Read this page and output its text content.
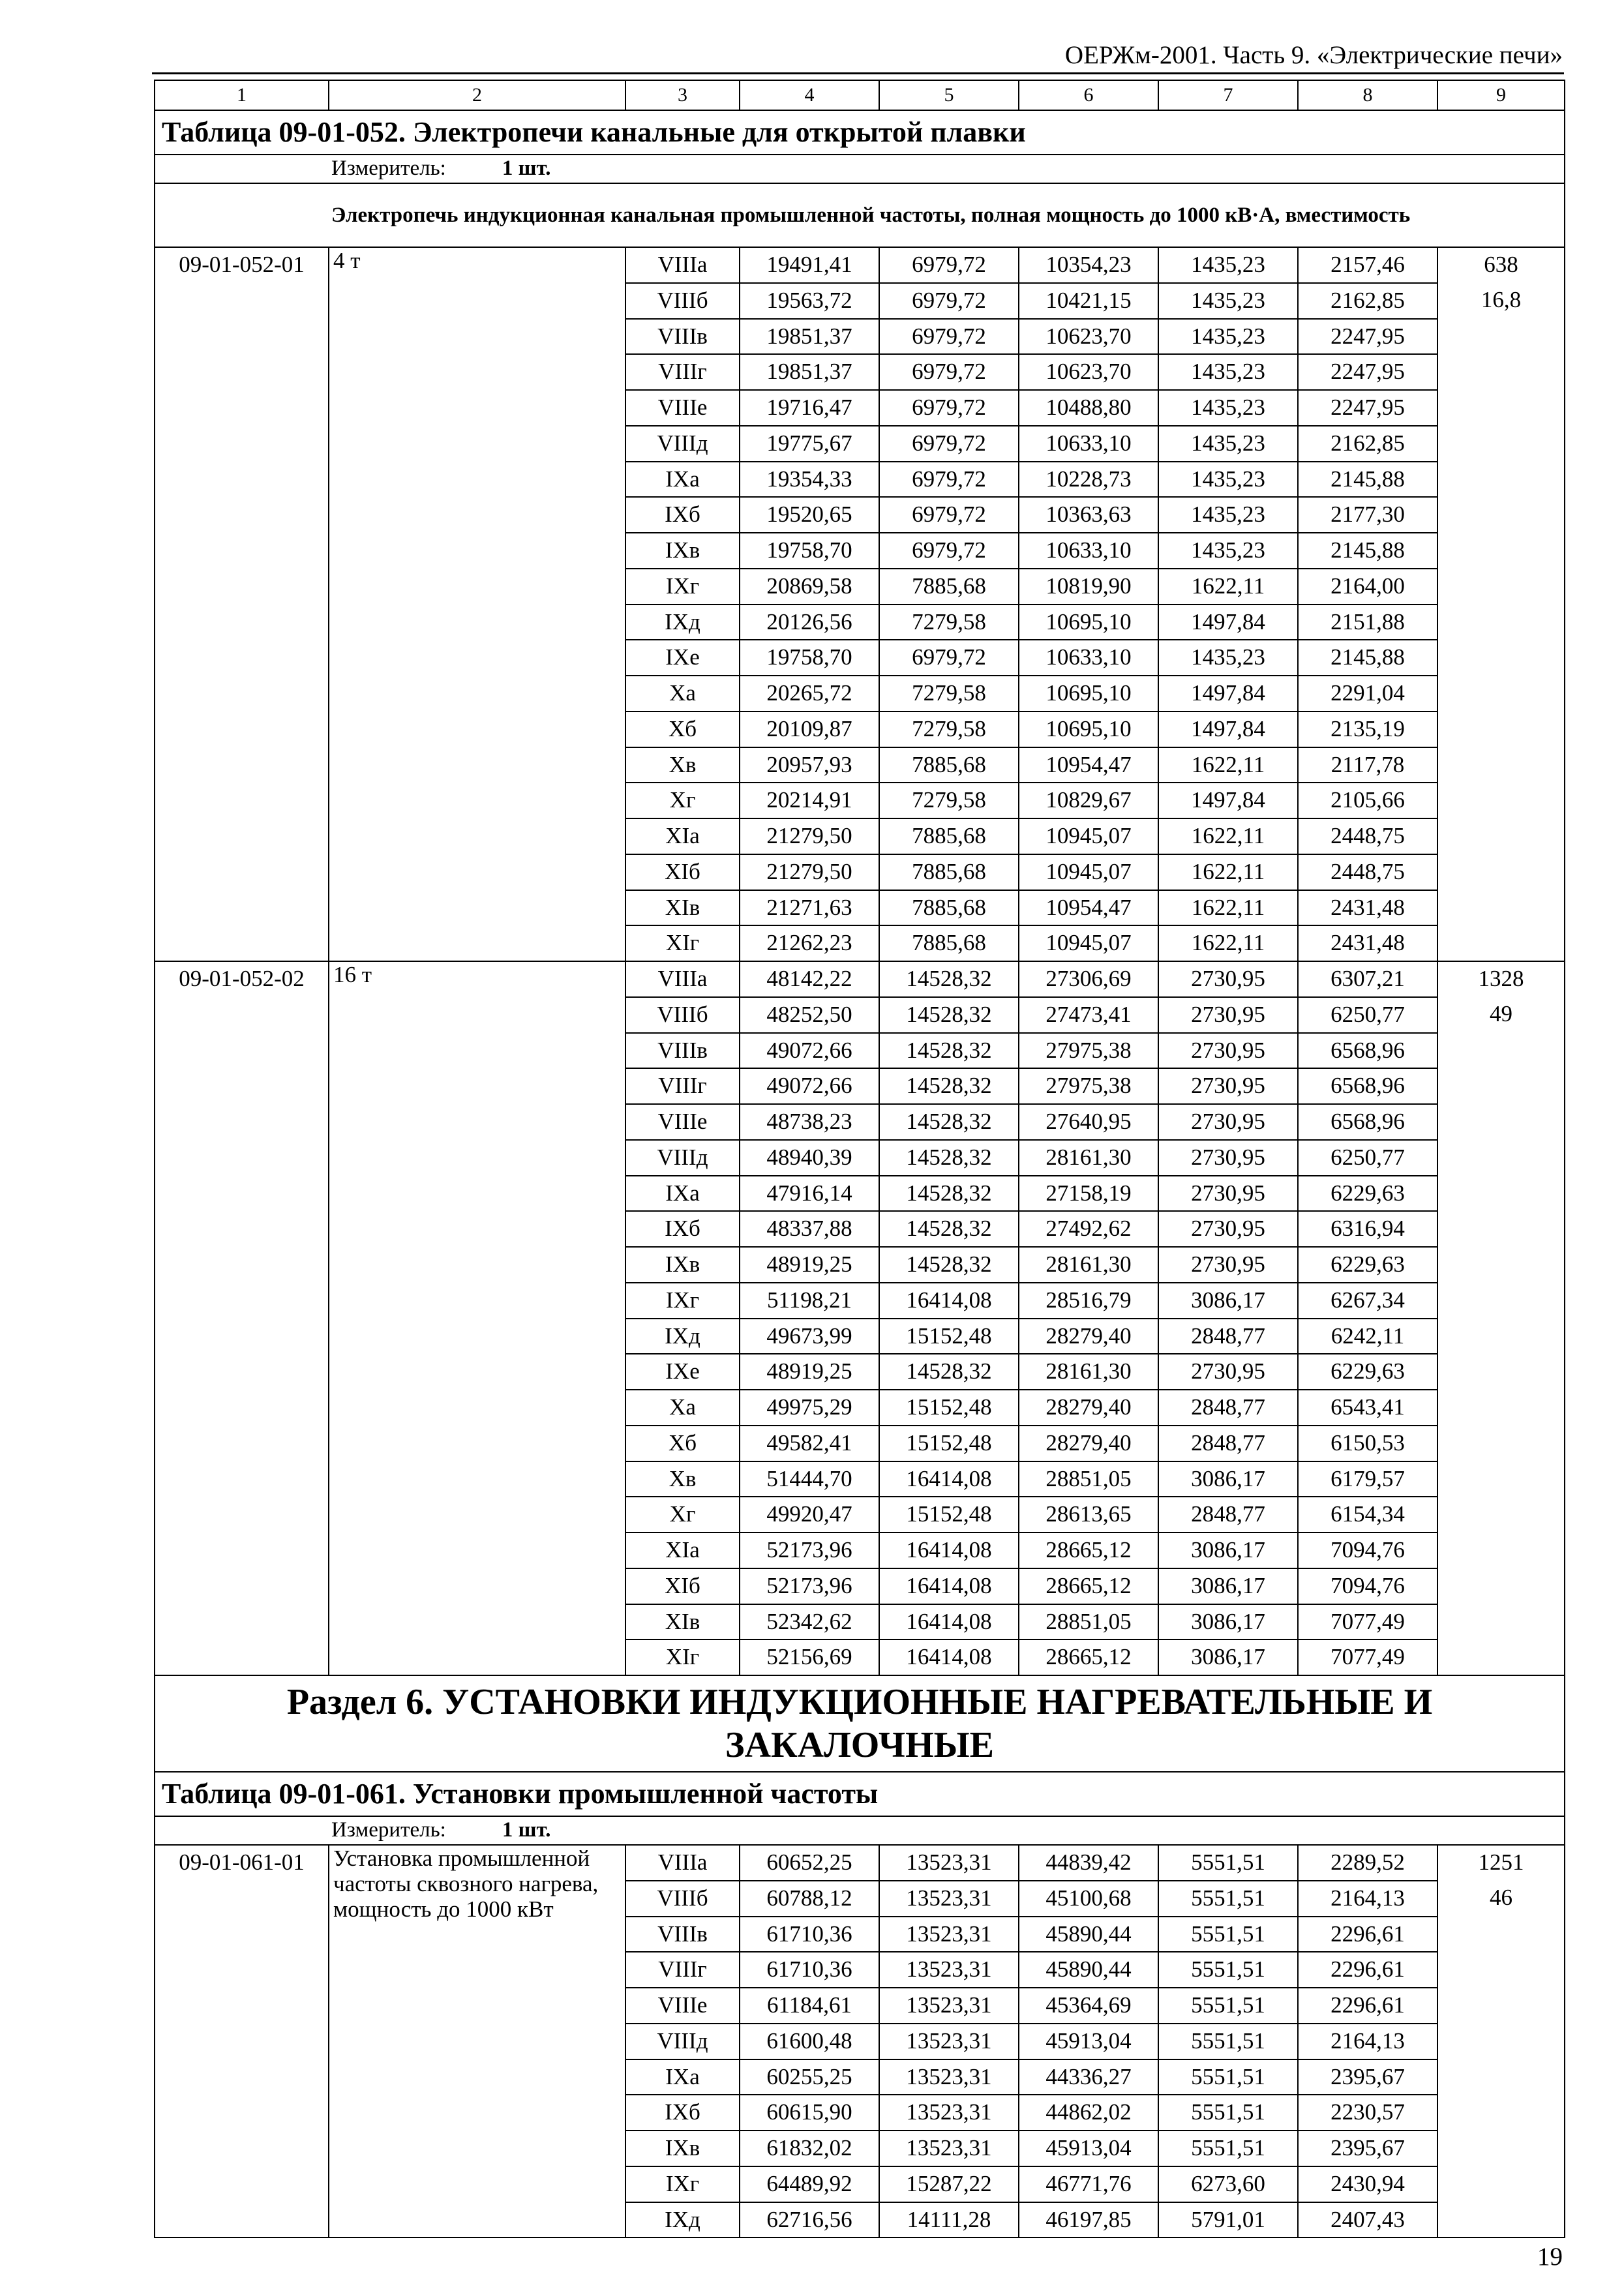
ОЕРЖм-2001. Часть 9. «Электрические печи»
1	2	3	4	5	6	7	8	9
Таблица 09-01-052. Электропечи канальные для открытой плавки								
Измеритель: 1 шт.								
Электропечь индукционная канальная промышленной частоты, полная мощность до 1000 кВ·А, вместимость								
09-01-052-01	4 т	VIIIа	19491,41	6979,72	10354,23	1435,23	2157,46	638
		VIIIб	19563,72	6979,72	10421,15	1435,23	2162,85	16,8
		VIIIв	19851,37	6979,72	10623,70	1435,23	2247,95	
		VIIIг	19851,37	6979,72	10623,70	1435,23	2247,95	
		VIIIе	19716,47	6979,72	10488,80	1435,23	2247,95	
		VIIIд	19775,67	6979,72	10633,10	1435,23	2162,85	
		IXа	19354,33	6979,72	10228,73	1435,23	2145,88	
		IXб	19520,65	6979,72	10363,63	1435,23	2177,30	
		IXв	19758,70	6979,72	10633,10	1435,23	2145,88	
		IXг	20869,58	7885,68	10819,90	1622,11	2164,00	
		IXд	20126,56	7279,58	10695,10	1497,84	2151,88	
		IXе	19758,70	6979,72	10633,10	1435,23	2145,88	
		Xа	20265,72	7279,58	10695,10	1497,84	2291,04	
		Xб	20109,87	7279,58	10695,10	1497,84	2135,19	
		Xв	20957,93	7885,68	10954,47	1622,11	2117,78	
		Xг	20214,91	7279,58	10829,67	1497,84	2105,66	
		XIа	21279,50	7885,68	10945,07	1622,11	2448,75	
		XIб	21279,50	7885,68	10945,07	1622,11	2448,75	
		XIв	21271,63	7885,68	10954,47	1622,11	2431,48	
		XIг	21262,23	7885,68	10945,07	1622,11	2431,48	
09-01-052-02	16 т	VIIIа	48142,22	14528,32	27306,69	2730,95	6307,21	1328
		VIIIб	48252,50	14528,32	27473,41	2730,95	6250,77	49
		VIIIв	49072,66	14528,32	27975,38	2730,95	6568,96	
		VIIIг	49072,66	14528,32	27975,38	2730,95	6568,96	
		VIIIе	48738,23	14528,32	27640,95	2730,95	6568,96	
		VIIIд	48940,39	14528,32	28161,30	2730,95	6250,77	
		IXа	47916,14	14528,32	27158,19	2730,95	6229,63	
		IXб	48337,88	14528,32	27492,62	2730,95	6316,94	
		IXв	48919,25	14528,32	28161,30	2730,95	6229,63	
		IXг	51198,21	16414,08	28516,79	3086,17	6267,34	
		IXд	49673,99	15152,48	28279,40	2848,77	6242,11	
		IXе	48919,25	14528,32	28161,30	2730,95	6229,63	
		Xа	49975,29	15152,48	28279,40	2848,77	6543,41	
		Xб	49582,41	15152,48	28279,40	2848,77	6150,53	
		Xв	51444,70	16414,08	28851,05	3086,17	6179,57	
		Xг	49920,47	15152,48	28613,65	2848,77	6154,34	
		XIа	52173,96	16414,08	28665,12	3086,17	7094,76	
		XIб	52173,96	16414,08	28665,12	3086,17	7094,76	
		XIв	52342,62	16414,08	28851,05	3086,17	7077,49	
		XIг	52156,69	16414,08	28665,12	3086,17	7077,49	
Раздел 6. УСТАНОВКИ ИНДУКЦИОННЫЕ НАГРЕВАТЕЛЬНЫЕ И ЗАКАЛОЧНЫЕ								
Таблица 09-01-061. Установки промышленной частоты								
Измеритель: 1 шт.								
09-01-061-01	Установка промышленной частоты сквозного нагрева, мощность до 1000 кВт	VIIIа	60652,25	13523,31	44839,42	5551,51	2289,52	1251
		VIIIб	60788,12	13523,31	45100,68	5551,51	2164,13	46
		VIIIв	61710,36	13523,31	45890,44	5551,51	2296,61	
		VIIIг	61710,36	13523,31	45890,44	5551,51	2296,61	
		VIIIе	61184,61	13523,31	45364,69	5551,51	2296,61	
		VIIIд	61600,48	13523,31	45913,04	5551,51	2164,13	
		IXа	60255,25	13523,31	44336,27	5551,51	2395,67	
		IXб	60615,90	13523,31	44862,02	5551,51	2230,57	
		IXв	61832,02	13523,31	45913,04	5551,51	2395,67	
		IXг	64489,92	15287,22	46771,76	6273,60	2430,94	
		IXд	62716,56	14111,28	46197,85	5791,01	2407,43	
19
